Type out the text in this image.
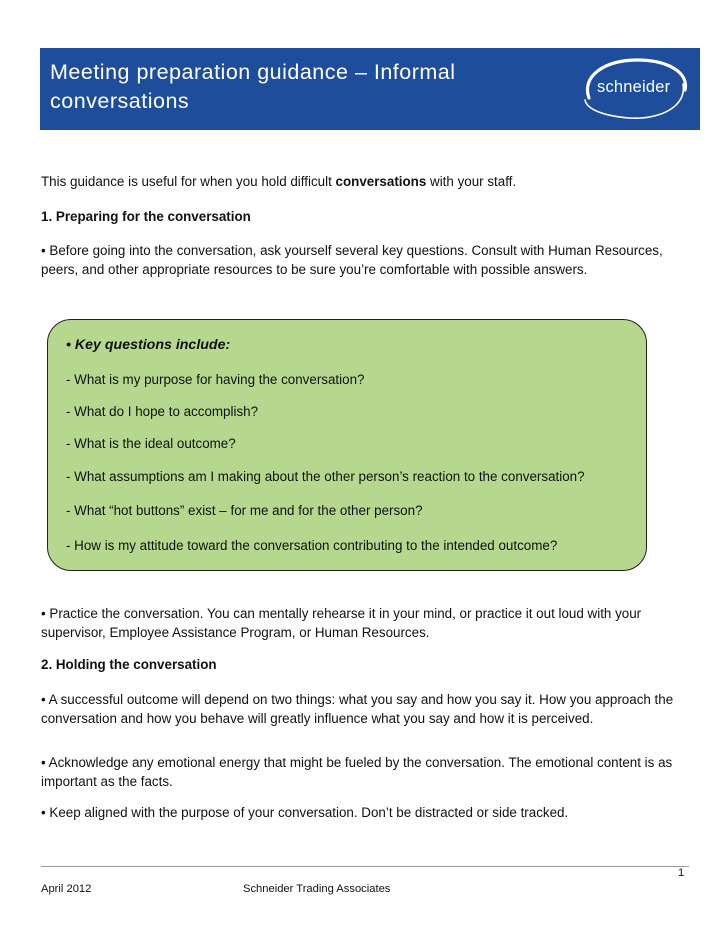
Meeting preparation guidance – Informal conversations
schneider

This guidance is useful for when you hold difficult conversations with your staff.

1. Preparing for the conversation

• Before going into the conversation, ask yourself several key questions. Consult with Human Resources, peers, and other appropriate resources to be sure you’re comfortable with possible answers.

• Key questions include:

- What is my purpose for having the conversation?

- What do I hope to accomplish?

- What is the ideal outcome?

- What assumptions am I making about the other person’s reaction to the conversation?

- What “hot buttons” exist – for me and for the other person?

- How is my attitude toward the conversation contributing to the intended outcome?

• Practice the conversation. You can mentally rehearse it in your mind, or practice it out loud with your supervisor, Employee Assistance Program, or Human Resources.

2. Holding the conversation

• A successful outcome will depend on two things: what you say and how you say it. How you approach the conversation and how you behave will greatly influence what you say and how it is perceived.

• Acknowledge any emotional energy that might be fueled by the conversation. The emotional content is as important as the facts.

• Keep aligned with the purpose of your conversation. Don’t be distracted or side tracked.

1
April 2012	Schneider Trading Associates
